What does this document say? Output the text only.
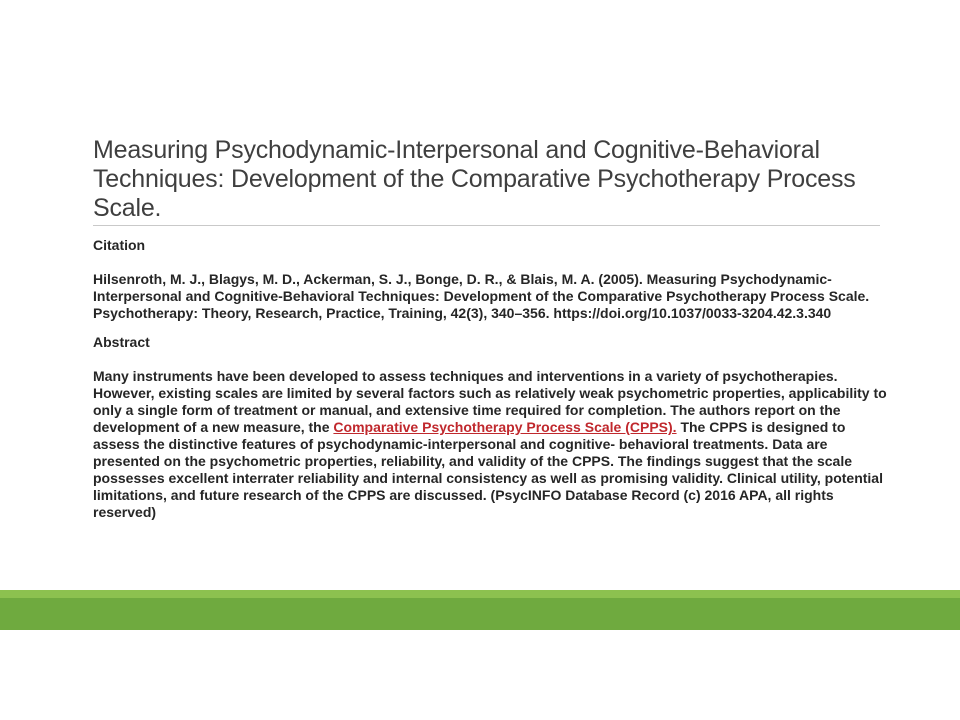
Measuring Psychodynamic-Interpersonal and Cognitive-Behavioral Techniques: Development of the Comparative Psychotherapy Process Scale.

Citation

Hilsenroth, M. J., Blagys, M. D., Ackerman, S. J., Bonge, D. R., & Blais, M. A. (2005). Measuring Psychodynamic-Interpersonal and Cognitive-Behavioral Techniques: Development of the Comparative Psychotherapy Process Scale. Psychotherapy: Theory, Research, Practice, Training, 42(3), 340–356. https://doi.org/10.1037/0033-3204.42.3.340

Abstract

Many instruments have been developed to assess techniques and interventions in a variety of psychotherapies. However, existing scales are limited by several factors such as relatively weak psychometric properties, applicability to only a single form of treatment or manual, and extensive time required for completion. The authors report on the development of a new measure, the Comparative Psychotherapy Process Scale (CPPS). The CPPS is designed to assess the distinctive features of psychodynamic-interpersonal and cognitive- behavioral treatments. Data are presented on the psychometric properties, reliability, and validity of the CPPS. The findings suggest that the scale possesses excellent interrater reliability and internal consistency as well as promising validity. Clinical utility, potential limitations, and future research of the CPPS are discussed. (PsycINFO Database Record (c) 2016 APA, all rights reserved)
